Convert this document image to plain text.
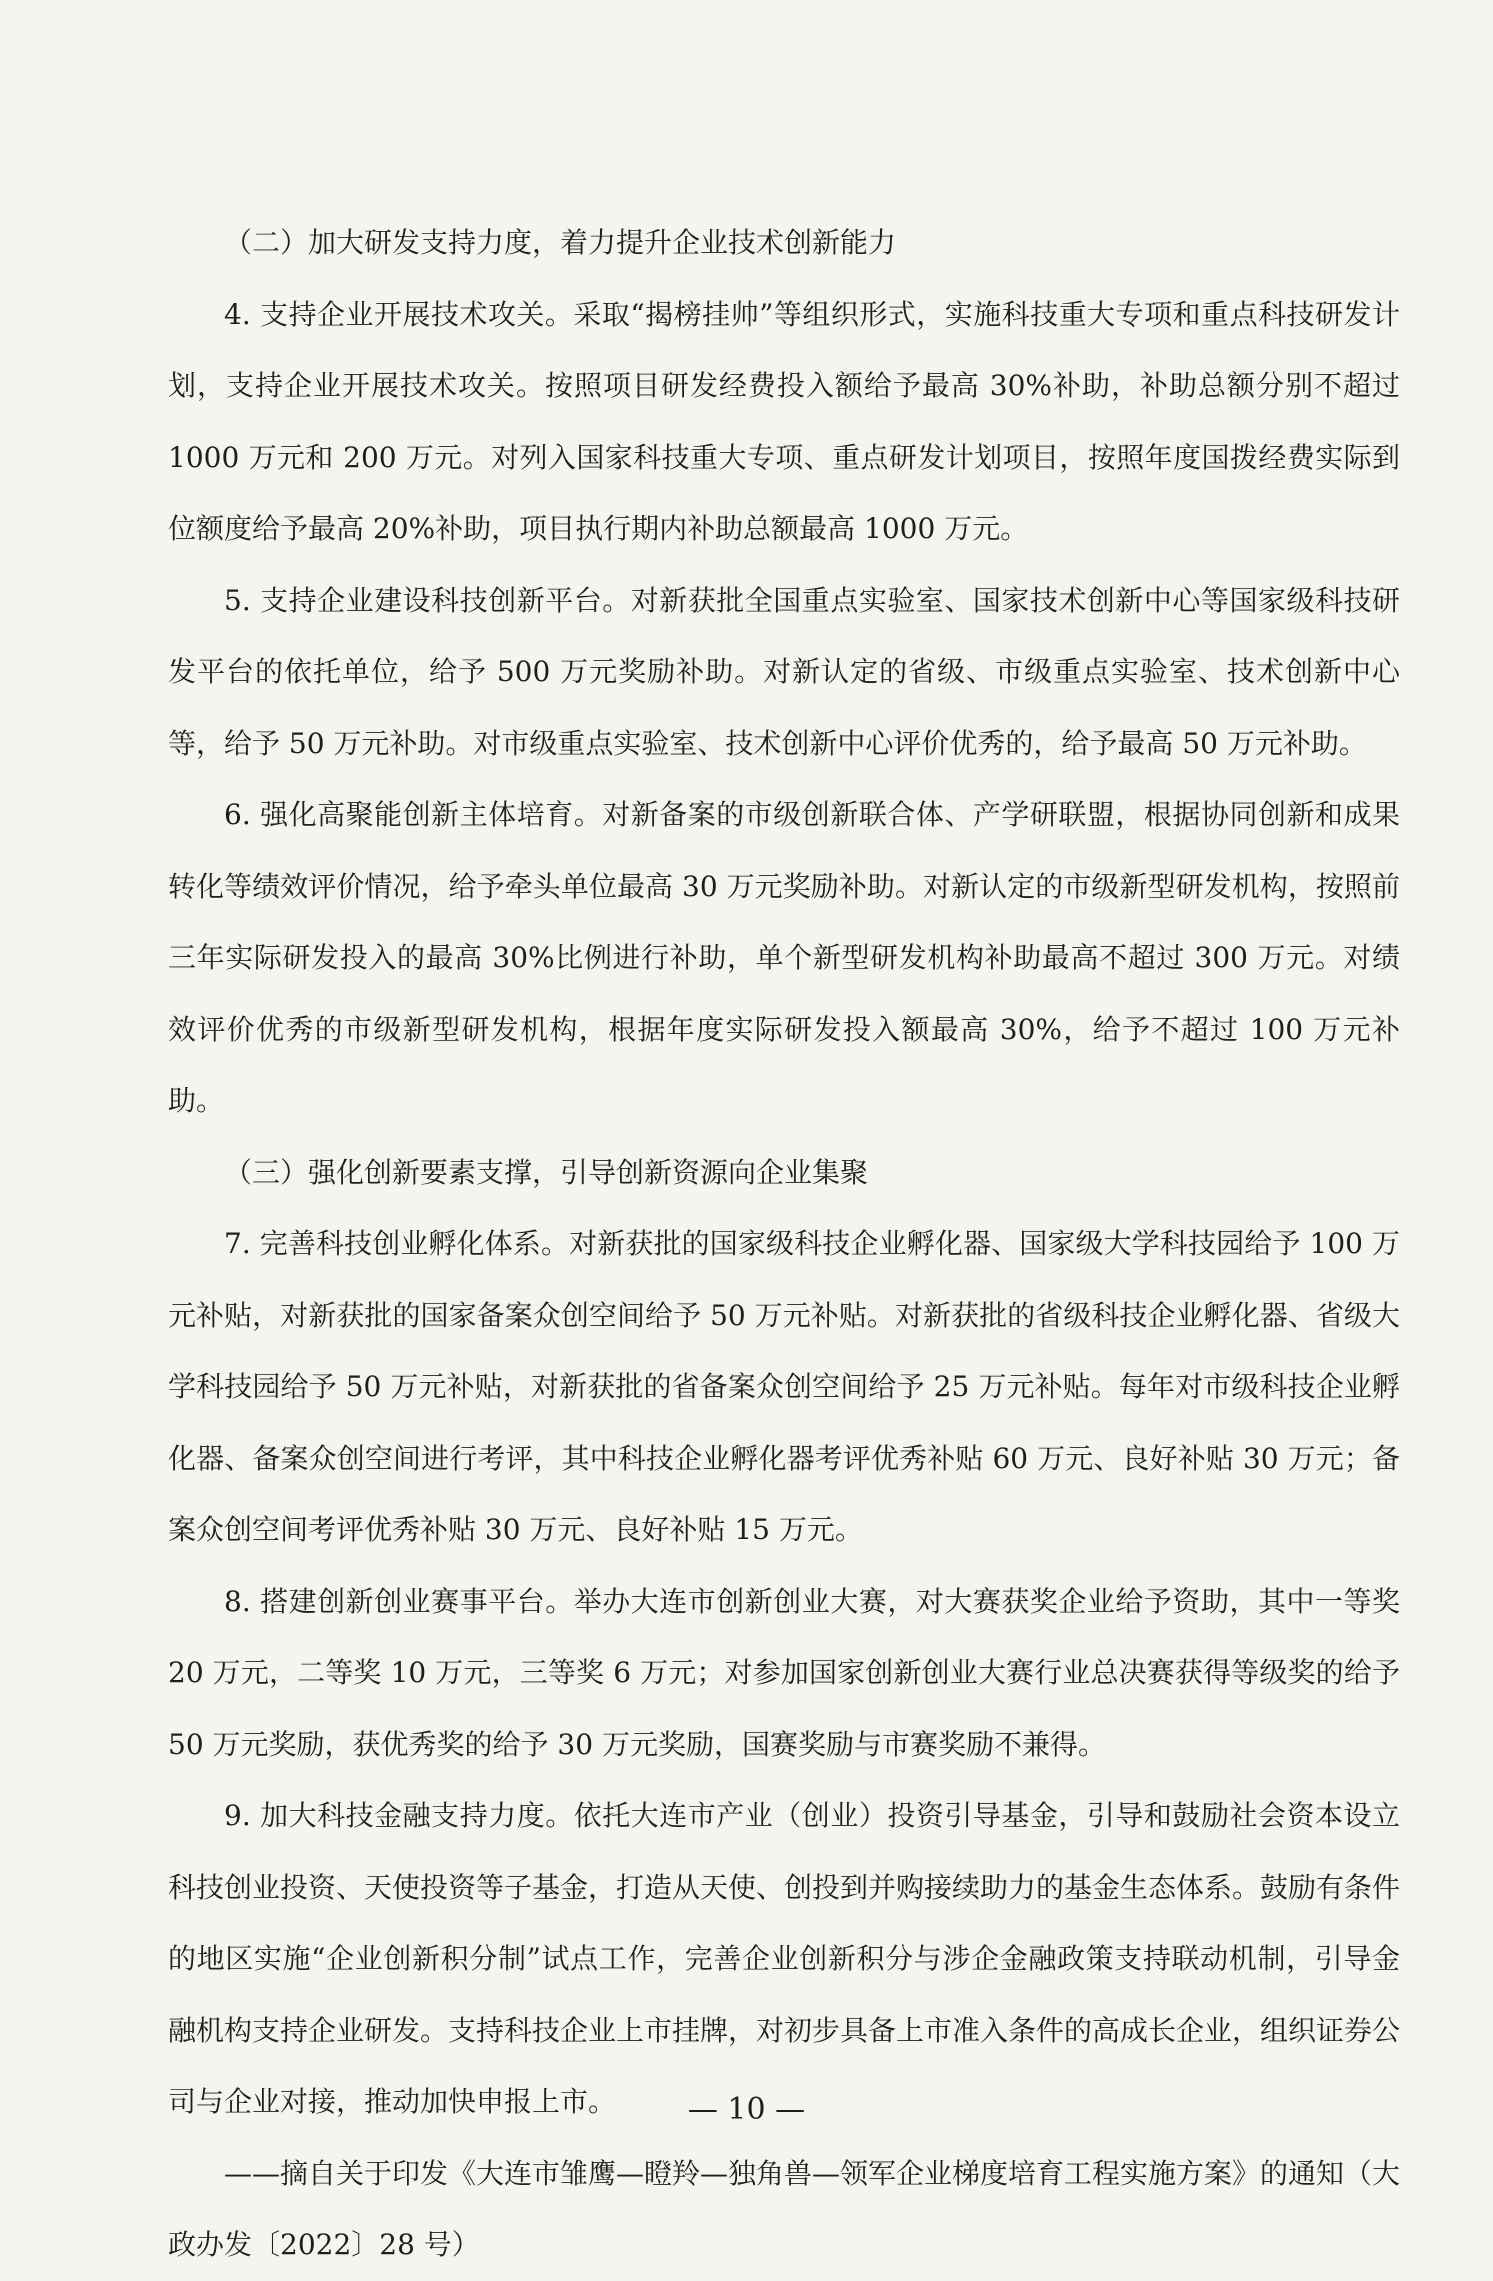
（二）加大研发支持力度，着力提升企业技术创新能力

4. 支持企业开展技术攻关。采取“揭榜挂帅”等组织形式，实施科技重大专项和重点科技研发计划，支持企业开展技术攻关。按照项目研发经费投入额给予最高 30%补助，补助总额分别不超过 1000 万元和 200 万元。对列入国家科技重大专项、重点研发计划项目，按照年度国拨经费实际到位额度给予最高 20%补助，项目执行期内补助总额最高 1000 万元。

5. 支持企业建设科技创新平台。对新获批全国重点实验室、国家技术创新中心等国家级科技研发平台的依托单位，给予 500 万元奖励补助。对新认定的省级、市级重点实验室、技术创新中心等，给予 50 万元补助。对市级重点实验室、技术创新中心评价优秀的，给予最高 50 万元补助。

6. 强化高聚能创新主体培育。对新备案的市级创新联合体、产学研联盟，根据协同创新和成果转化等绩效评价情况，给予牵头单位最高 30 万元奖励补助。对新认定的市级新型研发机构，按照前三年实际研发投入的最高 30%比例进行补助，单个新型研发机构补助最高不超过 300 万元。对绩效评价优秀的市级新型研发机构，根据年度实际研发投入额最高 30%，给予不超过 100 万元补助。

（三）强化创新要素支撑，引导创新资源向企业集聚

7. 完善科技创业孵化体系。对新获批的国家级科技企业孵化器、国家级大学科技园给予 100 万元补贴，对新获批的国家备案众创空间给予 50 万元补贴。对新获批的省级科技企业孵化器、省级大学科技园给予 50 万元补贴，对新获批的省备案众创空间给予 25 万元补贴。每年对市级科技企业孵化器、备案众创空间进行考评，其中科技企业孵化器考评优秀补贴 60 万元、良好补贴 30 万元；备案众创空间考评优秀补贴 30 万元、良好补贴 15 万元。

8. 搭建创新创业赛事平台。举办大连市创新创业大赛，对大赛获奖企业给予资助，其中一等奖 20 万元，二等奖 10 万元，三等奖 6 万元；对参加国家创新创业大赛行业总决赛获得等级奖的给予 50 万元奖励，获优秀奖的给予 30 万元奖励，国赛奖励与市赛奖励不兼得。

9. 加大科技金融支持力度。依托大连市产业（创业）投资引导基金，引导和鼓励社会资本设立科技创业投资、天使投资等子基金，打造从天使、创投到并购接续助力的基金生态体系。鼓励有条件的地区实施“企业创新积分制”试点工作，完善企业创新积分与涉企金融政策支持联动机制，引导金融机构支持企业研发。支持科技企业上市挂牌，对初步具备上市准入条件的高成长企业，组织证券公司与企业对接，推动加快申报上市。

——摘自关于印发《大连市雏鹰—瞪羚—独角兽—领军企业梯度培育工程实施方案》的通知（大政办发〔2022〕28 号）

— 10 —
